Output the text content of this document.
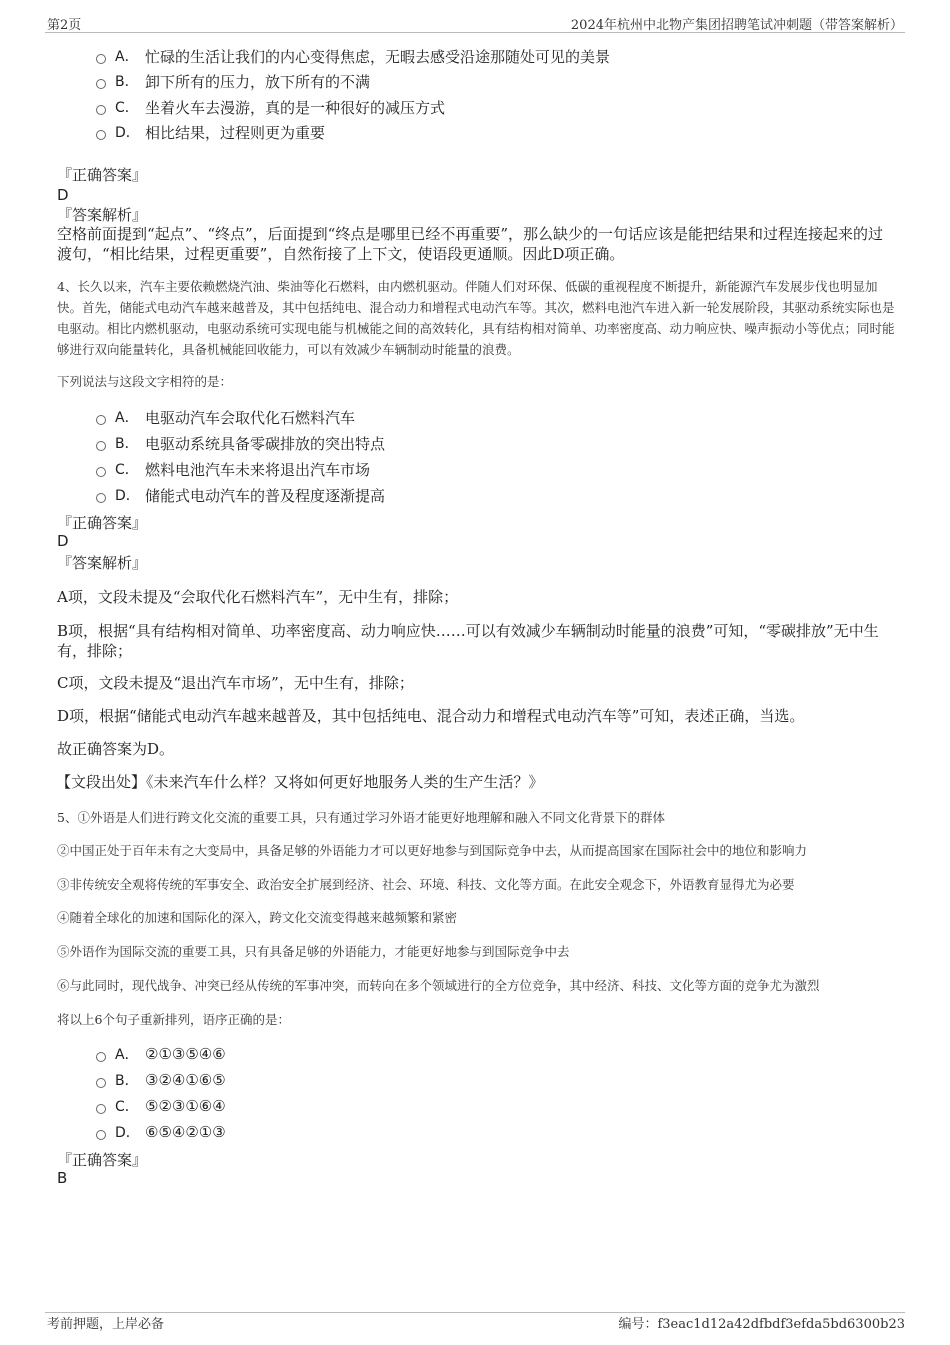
第2页	2024年杭州中北物产集团招聘笔试冲刺题（带答案解析）
A． 忙碌的生活让我们的内心变得焦虑，无暇去感受沿途那随处可见的美景
B． 卸下所有的压力，放下所有的不满
C． 坐着火车去漫游，真的是一种很好的减压方式
D． 相比结果，过程则更为重要
『正确答案』
D
『答案解析』
空格前面提到“起点”、“终点”，后面提到“终点是哪里已经不再重要”，那么缺少的一句话应该是能把结果和过程连接起来的过渡句，“相比结果，过程更重要”，自然衔接了上下文，使语段更通顺。因此D项正确。
4、长久以来，汽车主要依赖燃烧汽油、柴油等化石燃料，由内燃机驱动。伴随人们对环保、低碳的重视程度不断提升，新能源汽车发展步伐也明显加快。首先，储能式电动汽车越来越普及，其中包括纯电、混合动力和增程式电动汽车等。其次，燃料电池汽车进入新一轮发展阶段，其驱动系统实际也是电驱动。相比内燃机驱动，电驱动系统可实现电能与机械能之间的高效转化，具有结构相对简单、功率密度高、动力响应快、噪声振动小等优点；同时能够进行双向能量转化，具备机械能回收能力，可以有效减少车辆制动时能量的浪费。
下列说法与这段文字相符的是：
A． 电驱动汽车会取代化石燃料汽车
B． 电驱动系统具备零碳排放的突出特点
C． 燃料电池汽车未来将退出汽车市场
D． 储能式电动汽车的普及程度逐渐提高
『正确答案』
D
『答案解析』
A项，文段未提及“会取代化石燃料汽车”，无中生有，排除；
B项，根据“具有结构相对简单、功率密度高、动力响应快……可以有效减少车辆制动时能量的浪费”可知，“零碳排放”无中生有，排除；
C项，文段未提及“退出汽车市场”，无中生有，排除；
D项，根据“储能式电动汽车越来越普及，其中包括纯电、混合动力和增程式电动汽车等”可知，表述正确，当选。
故正确答案为D。
【文段出处】《未来汽车什么样？又将如何更好地服务人类的生产生活？》
5、①外语是人们进行跨文化交流的重要工具，只有通过学习外语才能更好地理解和融入不同文化背景下的群体
②中国正处于百年未有之大变局中，具备足够的外语能力才可以更好地参与到国际竞争中去，从而提高国家在国际社会中的地位和影响力
③非传统安全观将传统的军事安全、政治安全扩展到经济、社会、环境、科技、文化等方面。在此安全观念下，外语教育显得尤为必要
④随着全球化的加速和国际化的深入，跨文化交流变得越来越频繁和紧密
⑤外语作为国际交流的重要工具，只有具备足够的外语能力，才能更好地参与到国际竞争中去
⑥与此同时，现代战争、冲突已经从传统的军事冲突，而转向在多个领域进行的全方位竞争，其中经济、科技、文化等方面的竞争尤为激烈
将以上6个句子重新排列，语序正确的是：
A． ②①③⑤④⑥
B． ③②④①⑥⑤
C． ⑤②③①⑥④
D． ⑥⑤④②①③
『正确答案』
B
考前押题，上岸必备	编号：f3eac1d12a42dfbdf3efda5bd6300b23
